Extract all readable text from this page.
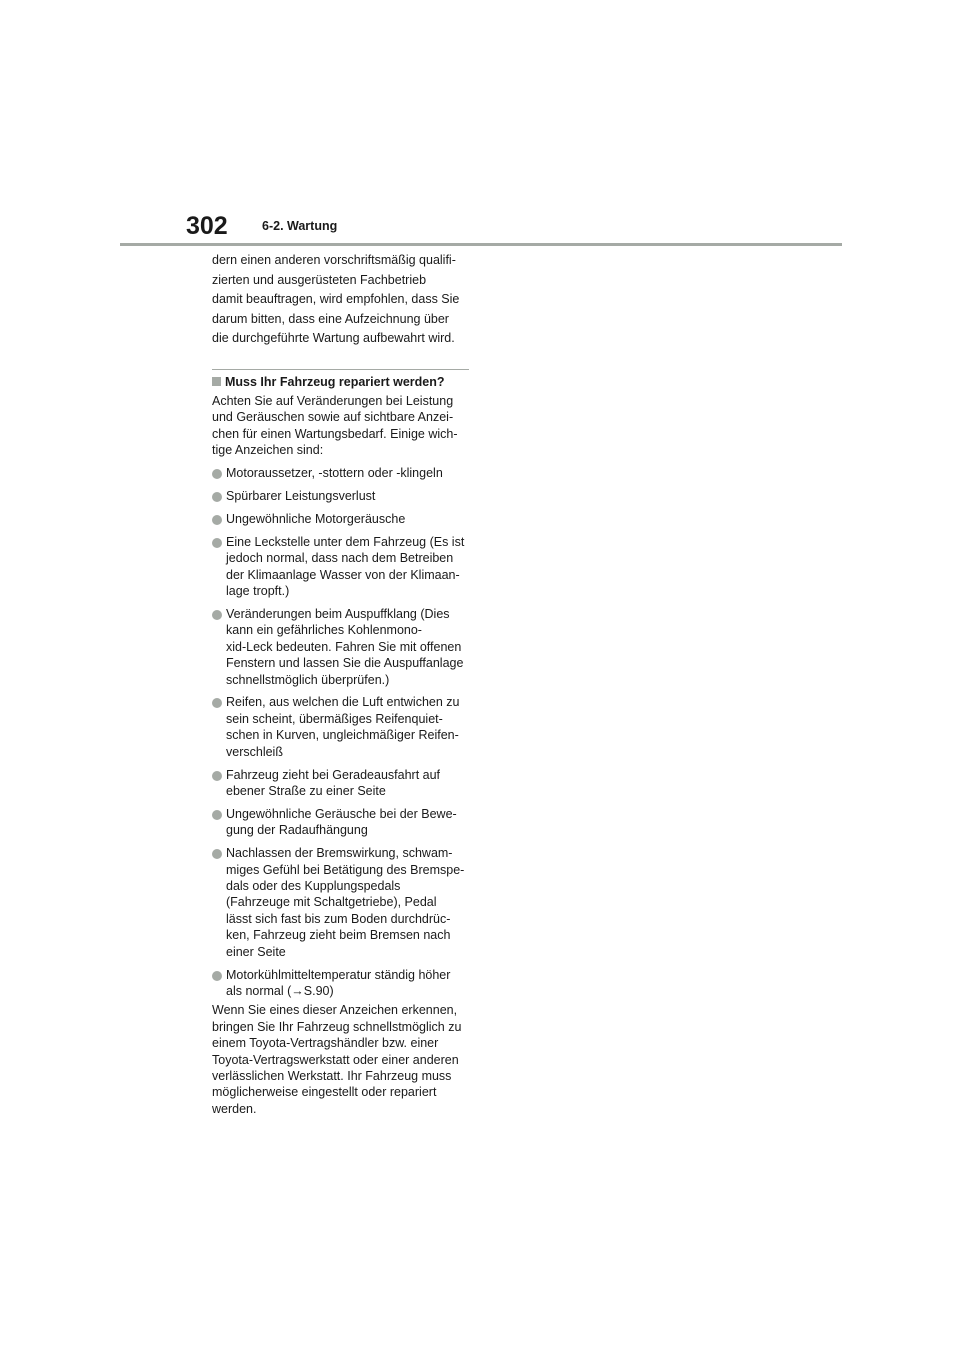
302	6-2. Wartung

dern einen anderen vorschriftsmäßig qualifi-

zierten und ausgerüsteten Fachbetrieb

damit beauftragen, wird empfohlen, dass Sie

darum bitten, dass eine Aufzeichnung über

die durchgeführte Wartung aufbewahrt wird.

Muss Ihr Fahrzeug repariert werden?

Achten Sie auf Veränderungen bei Leistung

und Geräuschen sowie auf sichtbare Anzei-

chen für einen Wartungsbedarf. Einige wich-

tige Anzeichen sind:

Motoraussetzer, -stottern oder -klingeln

Spürbarer Leistungsverlust

Ungewöhnliche Motorgeräusche

Eine Leckstelle unter dem Fahrzeug (Es ist

jedoch normal, dass nach dem Betreiben

der Klimaanlage Wasser von der Klimaan-

lage tropft.)

Veränderungen beim Auspuffklang (Dies

kann ein gefährliches Kohlenmono-

xid-Leck bedeuten. Fahren Sie mit offenen

Fenstern und lassen Sie die Auspuffanlage

schnellstmöglich überprüfen.)

Reifen, aus welchen die Luft entwichen zu

sein scheint, übermäßiges Reifenquiet-

schen in Kurven, ungleichmäßiger Reifen-

verschleiß

Fahrzeug zieht bei Geradeausfahrt auf

ebener Straße zu einer Seite

Ungewöhnliche Geräusche bei der Bewe-

gung der Radaufhängung

Nachlassen der Bremswirkung, schwam-

miges Gefühl bei Betätigung des Bremspe-

dals oder des Kupplungspedals

(Fahrzeuge mit Schaltgetriebe), Pedal

lässt sich fast bis zum Boden durchdrüc-

ken, Fahrzeug zieht beim Bremsen nach

einer Seite

Motorkühlmitteltemperatur ständig höher

als normal (→S.90)

Wenn Sie eines dieser Anzeichen erkennen,

bringen Sie Ihr Fahrzeug schnellstmöglich zu

einem Toyota-Vertragshändler bzw. einer

Toyota-Vertragswerkstatt oder einer anderen

verlässlichen Werkstatt. Ihr Fahrzeug muss

möglicherweise eingestellt oder repariert

werden.
